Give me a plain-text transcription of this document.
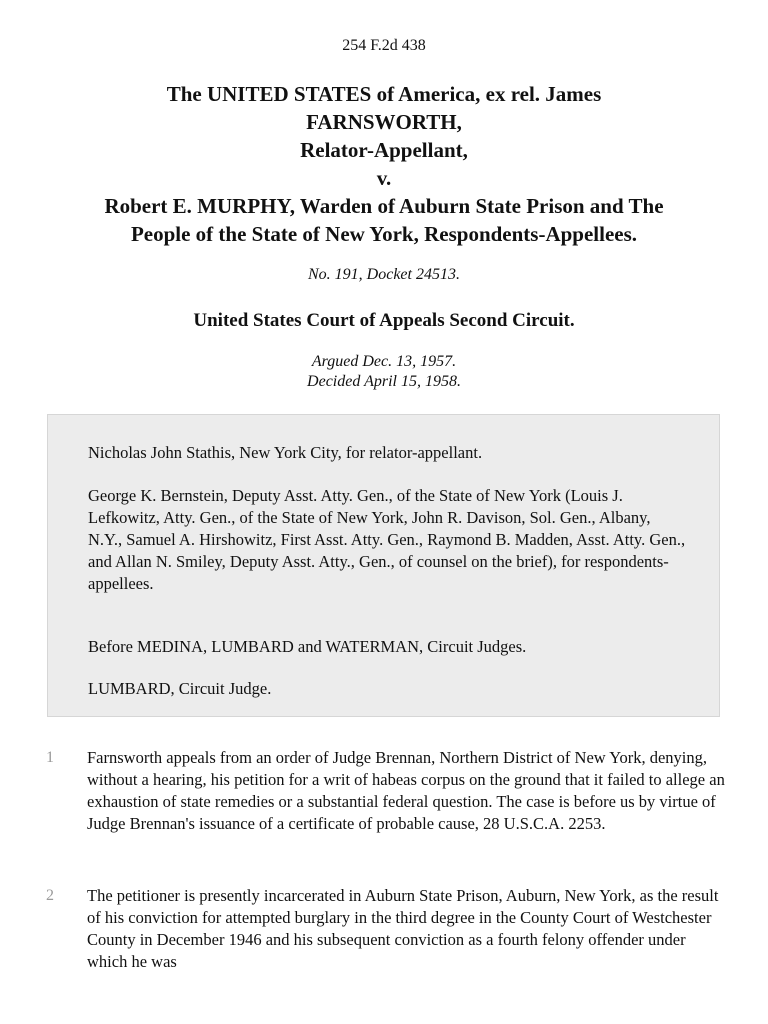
254 F.2d 438
The UNITED STATES of America, ex rel. James
FARNSWORTH,
Relator-Appellant,
v.
Robert E. MURPHY, Warden of Auburn State Prison and The
People of the State of New York, Respondents-Appellees.
No. 191, Docket 24513.
United States Court of Appeals Second Circuit.
Argued Dec. 13, 1957.
Decided April 15, 1958.

Nicholas John Stathis, New York City, for relator-appellant.

George K. Bernstein, Deputy Asst. Atty. Gen., of the State of New York (Louis J. Lefkowitz, Atty. Gen., of the State of New York, John R. Davison, Sol. Gen., Albany, N.Y., Samuel A. Hirshowitz, First Asst. Atty. Gen., Raymond B. Madden, Asst. Atty. Gen., and Allan N. Smiley, Deputy Asst. Atty., Gen., of counsel on the brief), for respondents-appellees.

Before MEDINA, LUMBARD and WATERMAN, Circuit Judges.

LUMBARD, Circuit Judge.

1 Farnsworth appeals from an order of Judge Brennan, Northern District of New York, denying, without a hearing, his petition for a writ of habeas corpus on the ground that it failed to allege an exhaustion of state remedies or a substantial federal question. The case is before us by virtue of Judge Brennan's issuance of a certificate of probable cause, 28 U.S.C.A. 2253.

2 The petitioner is presently incarcerated in Auburn State Prison, Auburn, New York, as the result of his conviction for attempted burglary in the third degree in the County Court of Westchester County in December 1946 and his subsequent conviction as a fourth felony offender under which he was
